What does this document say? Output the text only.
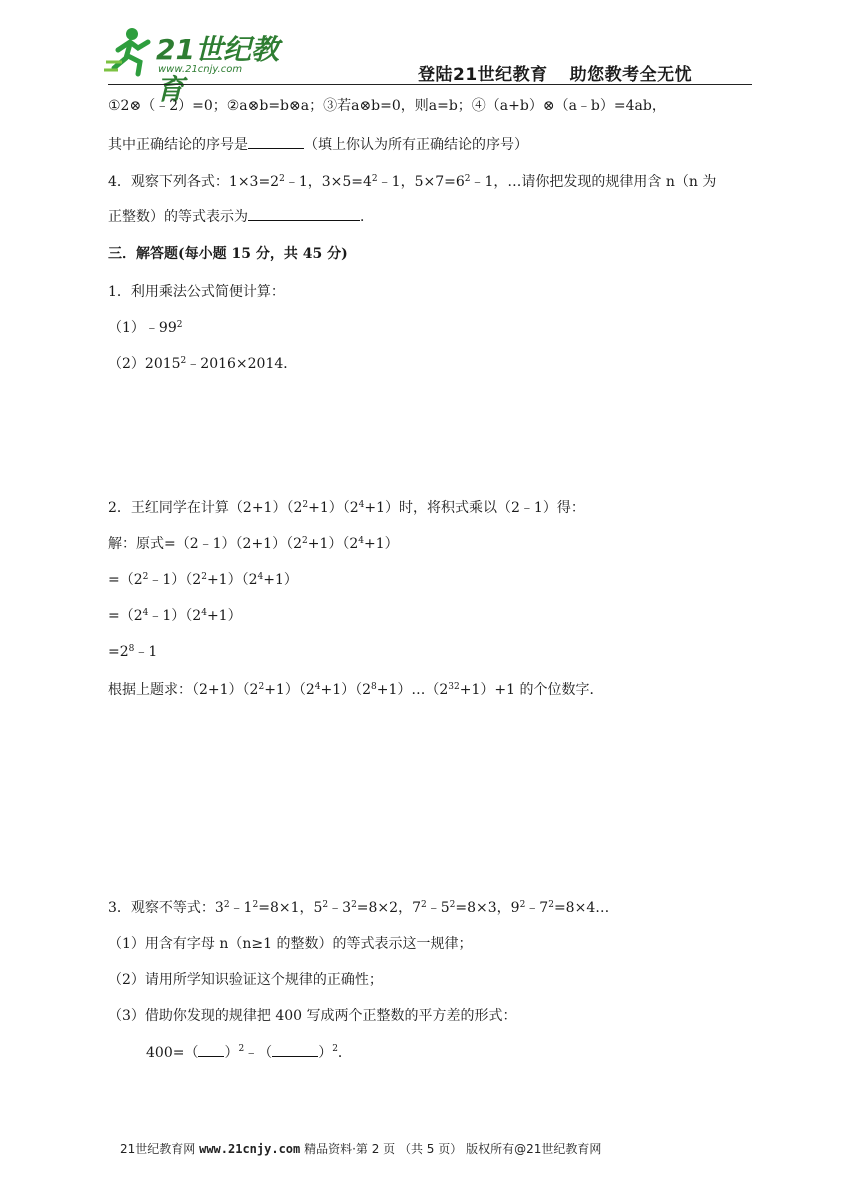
21世纪教育
www.21cnjy.com	登陆21世纪教育 助您教考全无忧
①2⊗（﹣2）=0；②a⊗b=b⊗a；③若a⊗b=0，则a=b；④（a+b）⊗（a﹣b）=4ab，
其中正确结论的序号是	（填上你认为所有正确结论的序号）
4．观察下列各式：$1\times 3=2^2﹣1$，$3\times 5=4^2﹣1$，$5\times 7=6^2﹣1$，…请你把发现的规律用含 n（n 为
正整数）的等式表示为	．
三．解答题(每小题 15 分，共 45 分)
1．利用乘法公式简便计算：
$(1)﹣99^2$
$(2)2015^2﹣2016\times 2014$．
2．王红同学在计算$(2+1)(2^2+1)(2^4+1)$时，将积式乘以（2﹣1）得：
解：原式$=(2﹣1)(2+1)(2^2+1)(2^4+1)$
$=(2^2﹣1)(2^2+1)(2^4+1)$
$=(2^4﹣1)(2^4+1)$
$=2^8﹣1$
根据上题求：$(2+1)(2^2+1)(2^4+1)(2^8+1)\dots(2^{32}+1)+1$ 的个位数字．
3．观察不等式：$3^2﹣1^2=8\times 1$，$5^2﹣3^2=8\times 2$，$7^2﹣5^2=8\times 3$，$9^2﹣7^2=8\times 4\dots$
（1）用含有字母 n（n≥1 的整数）的等式表示这一规律；
（2）请用所学知识验证这个规律的正确性；
（3）借助你发现的规律把 400 写成两个正整数的平方差的形式：
400=（ ）$^2$﹣（	）$^2$．
21世纪教育网 www.21cnjy.com 精品资料·第 2 页 （共 5 页） 版权所有@21世纪教育网
